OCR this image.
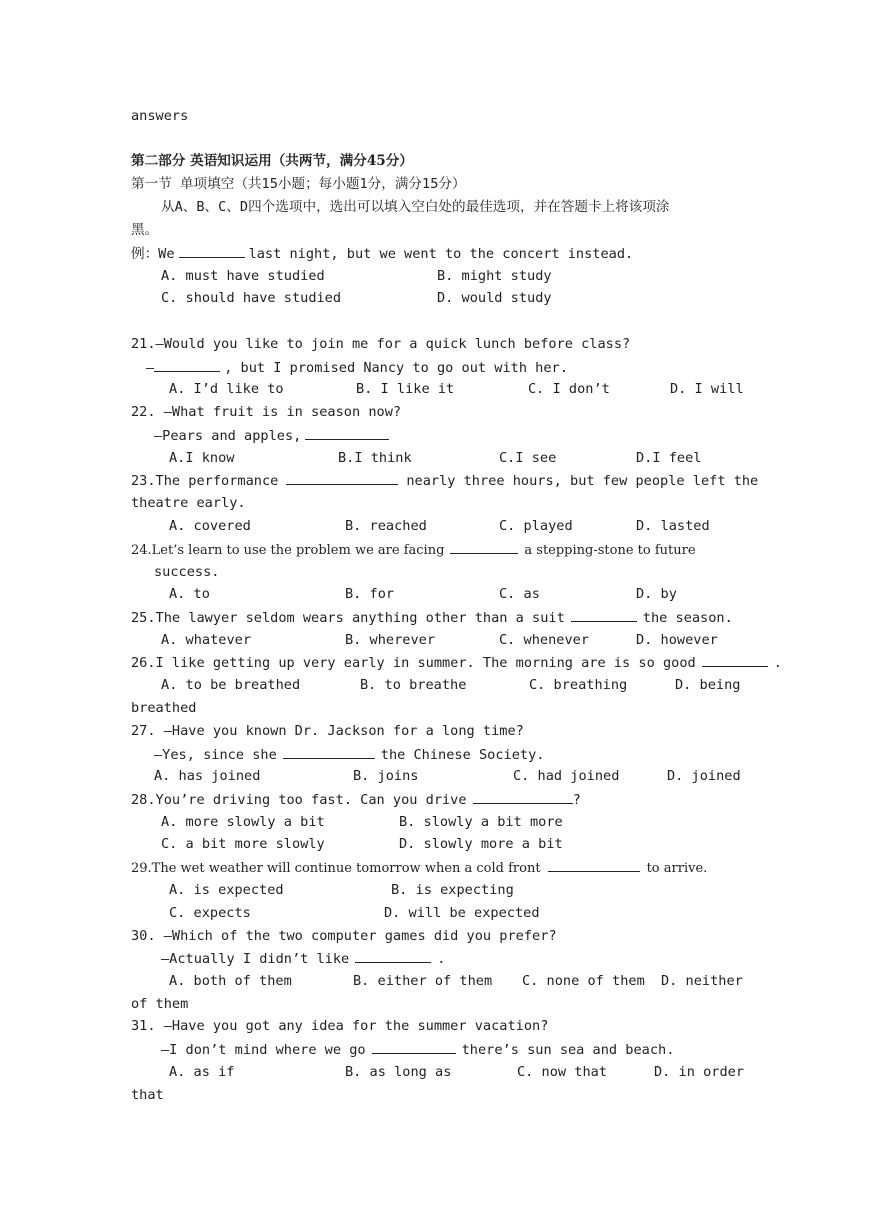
answers
第二部分 英语知识运用（共两节，满分45分）
第一节 单项填空（共15小题；每小题1分，满分15分）
从A、B、C、D四个选项中，选出可以填入空白处的最佳选项，并在答题卡上将该项涂
黑。
例：We	last night, but we went to the concert instead.
A. must have studied	B. might study
C. should have studied	D. would study
21.—Would you like to join me for a quick lunch before class?
—	, but I promised Nancy to go out with her.
A. I’d like to	B. I like it	C. I don’t	D. I will
22. —What fruit is in season now?
—Pears and apples,
A.I know	B.I think	C.I see	D.I feel
23.The performance	nearly three hours, but few people left the
theatre early.
A. covered	B. reached	C. played	D. lasted
24.Let’s learn to use the problem we are facing	a stepping-stone to future
success.
A. to	B. for	C. as	D. by
25.The lawyer seldom wears anything other than a suit	the season.
A. whatever	B. wherever	C. whenever	D. however
26.I like getting up very early in summer. The morning are is so good	.
A. to be breathed	B. to breathe	C. breathing	D. being
breathed
27. —Have you known Dr. Jackson for a long time?
—Yes, since she	the Chinese Society.
A. has joined	B. joins	C. had joined	D. joined
28.You’re driving too fast. Can you drive	?
A. more slowly a bit	B. slowly a bit more
C. a bit more slowly	D. slowly more a bit
29.The wet weather will continue tomorrow when a cold front	to arrive.
A. is expected	B. is expecting
C. expects	D. will be expected
30. —Which of the two computer games did you prefer?
—Actually I didn’t like	.
A. both of them	B. either of them C. none of them D. neither
of them
31. —Have you got any idea for the summer vacation?
—I don’t mind where we go	there’s sun sea and beach.
A. as if	B. as long as	C. now that	D. in order
that
